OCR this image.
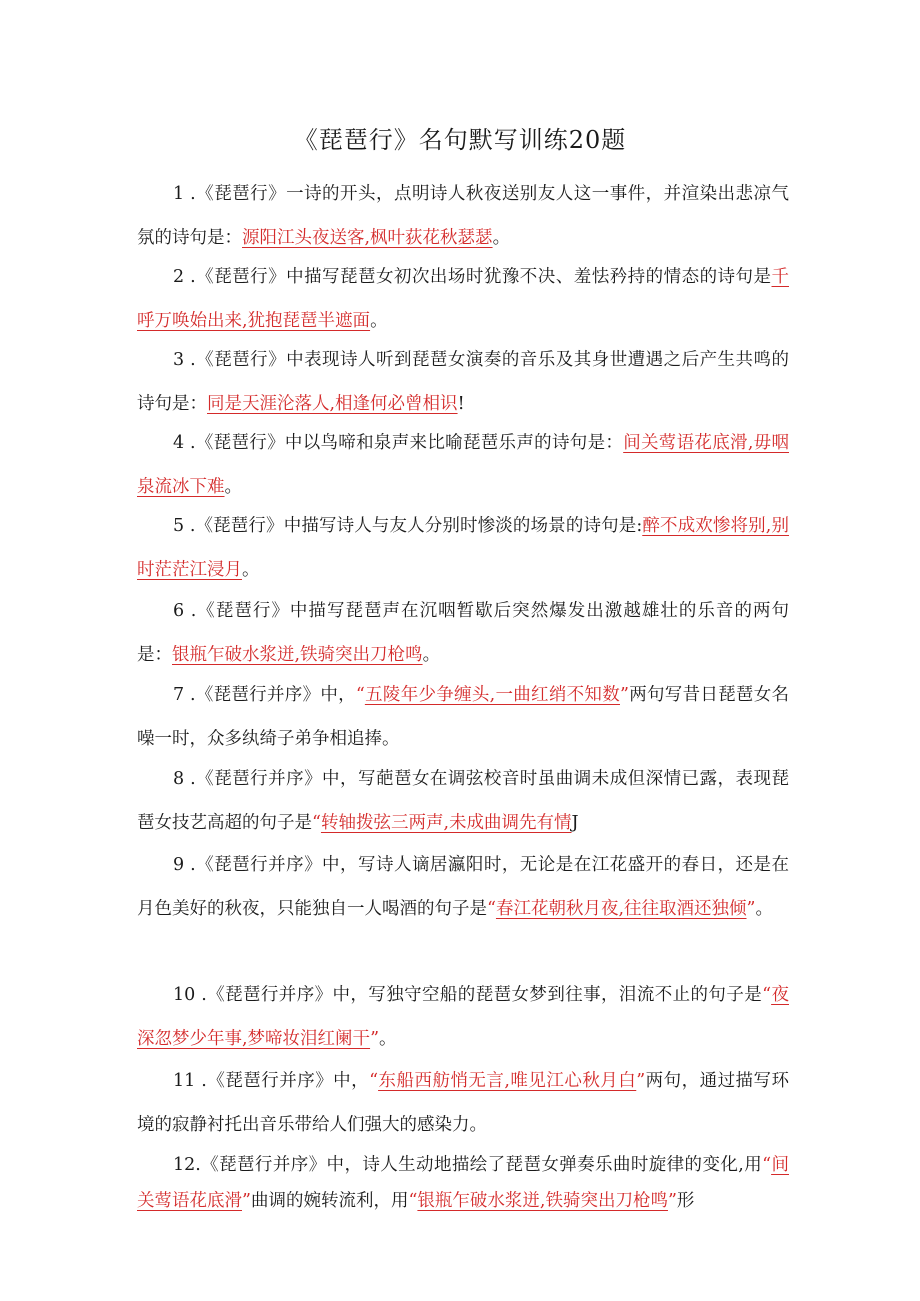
《琵琶行》名句默写训练20题
1 .《琵琶行》一诗的开头，点明诗人秋夜送别友人这一事件，并渲染出悲凉气氛的诗句是：源阳江头夜送客,枫叶荻花秋瑟瑟。
2 .《琵琶行》中描写琵琶女初次出场时犹豫不决、羞怯矜持的情态的诗句是千呼万唤始出来,犹抱琵琶半遮面。
3 .《琵琶行》中表现诗人听到琵琶女演奏的音乐及其身世遭遇之后产生共鸣的诗句是：同是天涯沦落人,相逢何必曾相识!
4 .《琵琶行》中以鸟啼和泉声来比喻琵琶乐声的诗句是：间关莺语花底滑,毋咽泉流冰下难。
5 .《琵琶行》中描写诗人与友人分别时惨淡的场景的诗句是:醉不成欢惨将别,别时茫茫江浸月。
6 .《琵琶行》中描写琵琶声在沉咽暂歇后突然爆发出激越雄壮的乐音的两句是：银瓶乍破水浆迸,铁骑突出刀枪鸣。
7 .《琵琶行并序》中，“五陵年少争缠头,一曲红绡不知数”两句写昔日琵琶女名噪一时，众多纨绮子弟争相追捧。
8 .《琵琶行并序》中，写葩琶女在调弦校音时虽曲调未成但深情已露，表现琵琶女技艺高超的句子是“转轴拨弦三两声,未成曲调先有情J
9 .《琵琶行并序》中，写诗人谪居瀛阳时，无论是在江花盛开的春日，还是在月色美好的秋夜，只能独自一人喝酒的句子是“春江花朝秋月夜,往往取酒还独倾”。
10 .《琵琶行并序》中，写独守空船的琵琶女梦到往事，泪流不止的句子是“夜深忽梦少年事,梦啼妆泪红阑干”。
11 .《琵琶行并序》中，“东船西舫悄无言,唯见江心秋月白”两句，通过描写环境的寂静衬托出音乐带给人们强大的感染力。
12.《琵琶行并序》中，诗人生动地描绘了琵琶女弹奏乐曲时旋律的变化,用“间关莺语花底滑”曲调的婉转流利，用“银瓶乍破水浆迸,铁骑突出刀枪鸣”形
